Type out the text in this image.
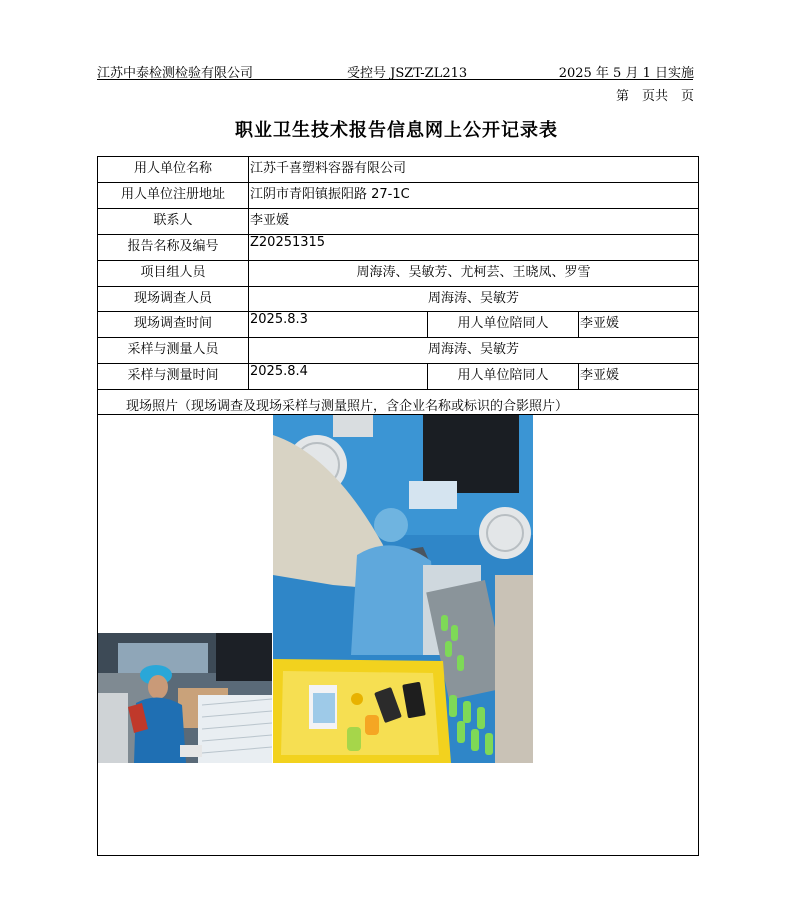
江苏中泰检测检验有限公司	受控号 JSZT-ZL213	2025 年 5 月 1 日实施
第　页共　页
职业卫生技术报告信息网上公开记录表
用人单位名称	江苏千喜塑料容器有限公司		
用人单位注册地址	江阴市青阳镇振阳路 27-1C		
联系人	李亚媛		
报告名称及编号	Z20251315		
项目组人员	周海涛、吴敏芳、尤柯芸、王晓凤、罗雪		
现场调查人员	周海涛、吴敏芳		
现场调查时间	2025.8.3	用人单位陪同人	李亚媛
采样与测量人员	周海涛、吴敏芳		
采样与测量时间	2025.8.4	用人单位陪同人	李亚媛
现场照片（现场调查及现场采样与测量照片，含企业名称或标识的合影照片）			
